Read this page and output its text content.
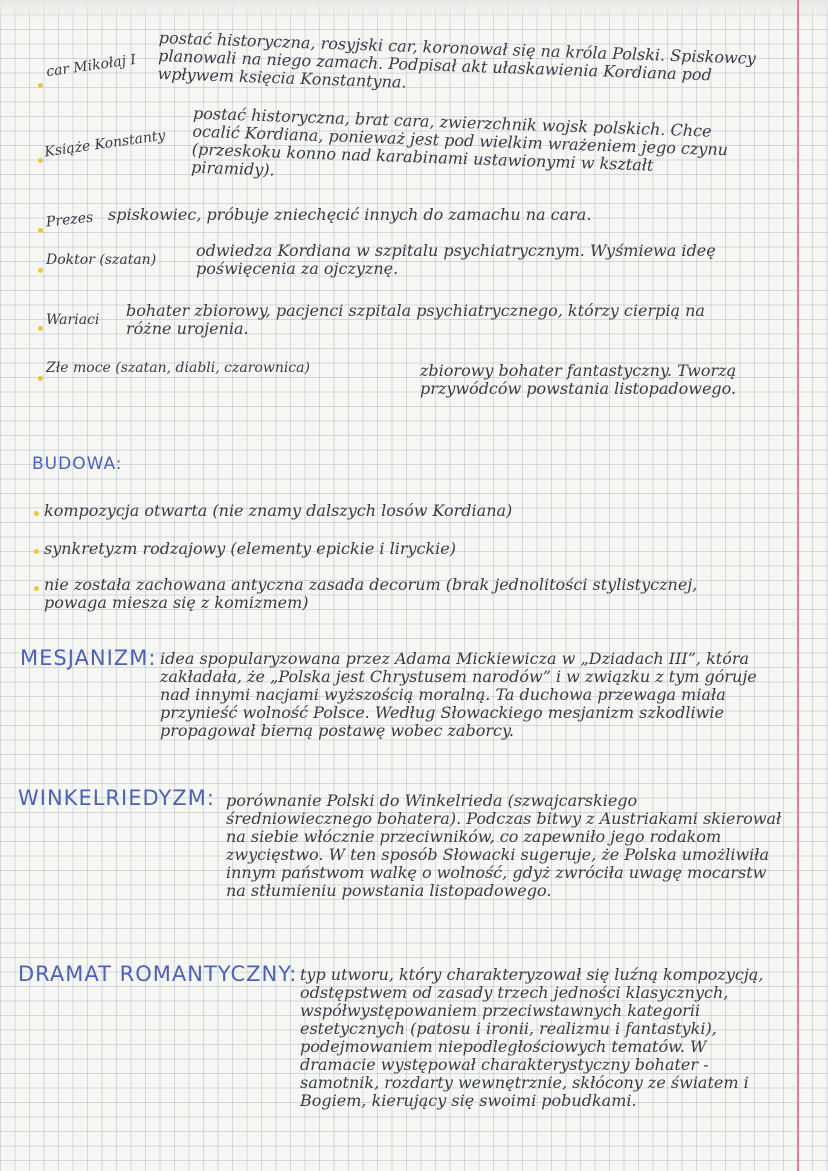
car Mikołaj I postać historyczna, rosyjski car, koronował się na króla Polski. Spiskowcy planowali na niego zamach. Podpisał akt ułaskawienia Kordiana pod wpływem księcia Konstantyna.

Książe Konstanty

postać historyczna, brat cara, zwierzchnik wojsk polskich. Chce ocalić Kordiana, ponieważ jest pod wielkim wrażeniem jego czynu (przeskoku konno nad karabinami ustawionymi w kształt piramidy).

Prezes spiskowiec, próbuje zniechęcić innych do zamachu na cara.

Doktor (szatan) odwiedza Kordiana w szpitalu psychiatrycznym. Wyśmiewa ideę poświęcenia za ojczyznę.

Wariaci bohater zbiorowy, pacjenci szpitala psychiatrycznego, którzy cierpią na różne urojenia.

Złe moce (szatan, diabli, czarownica)	zbiorowy bohater fantastyczny. Tworzą przywódców powstania listopadowego.

BUDOWA:

kompozycja otwarta (nie znamy dalszych losów Kordiana)

synkretyzm rodzajowy (elementy epickie i liryckie)

nie została zachowana antyczna zasada decorum (brak jednolitości stylistycznej, powaga miesza się z komizmem)

MESJANIZM: idea spopularyzowana przez Adama Mickiewicza w „Dziadach III”, która zakładała, że „Polska jest Chrystusem narodów” i w związku z tym góruje nad innymi nacjami wyższością moralną. Ta duchowa przewaga miała przynieść wolność Polsce. Według Słowackiego mesjanizm szkodliwie propagował bierną postawę wobec zaborcy.

WINKELRIEDYZM: porównanie Polski do Winkelrieda (szwajcarskiego średniowiecznego bohatera). Podczas bitwy z Austriakami skierował na siebie włócznie przeciwników, co zapewniło jego rodakom zwycięstwo. W ten sposób Słowacki sugeruje, że Polska umożliwiła innym państwom walkę o wolność, gdyż zwróciła uwagę mocarstw na stłumieniu powstania listopadowego.

DRAMAT ROMANTYCZNY: typ utworu, który charakteryzował się luźną kompozycją, odstępstwem od zasady trzech jedności klasycznych, współwystępowaniem przeciwstawnych kategorii estetycznych (patosu i ironii, realizmu i fantastyki), podejmowaniem niepodległościowych tematów. W dramacie występował charakterystyczny bohater - samotnik, rozdarty wewnętrznie, skłócony ze światem i Bogiem, kierujący się swoimi pobudkami.
